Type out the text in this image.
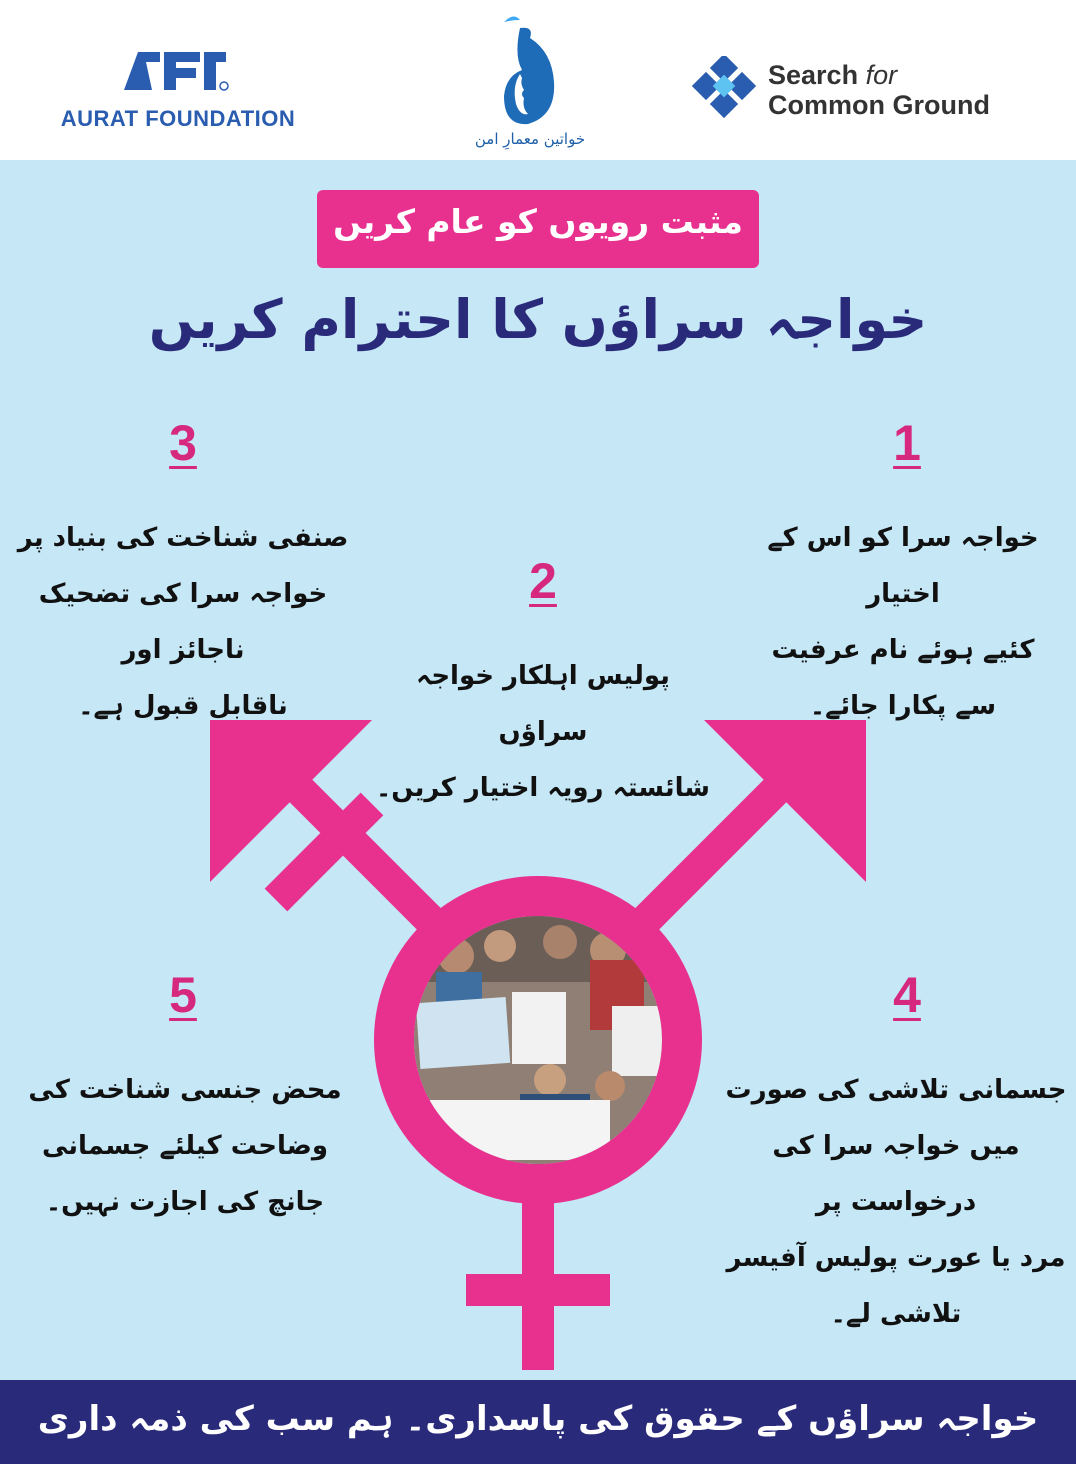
AURAT FOUNDATION
خواتین معمارِ امن
Search for
Common Ground
مثبت رویوں کو عام کریں
خواجہ سراؤں کا احترام کریں
1
خواجہ سرا کو اس کے اختیار
کئیے ہوئے نام عرفیت
سے پکارا جائے۔
2
پولیس اہلکار خواجہ سراؤں
شائستہ رویہ اختیار کریں۔
3
صنفی شناخت کی بنیاد پر
خواجہ سرا کی تضحیک ناجائز اور
ناقابل قبول ہے۔
4
جسمانی تلاشی کی صورت
میں خواجہ سرا کی درخواست پر
مرد یا عورت پولیس آفیسر
تلاشی لے۔
5
محض جنسی شناخت کی
وضاحت کیلئے جسمانی
جانچ کی اجازت نہیں۔
خواجہ سراؤں کے حقوق کی پاسداری۔ ہم سب کی ذمہ داری
